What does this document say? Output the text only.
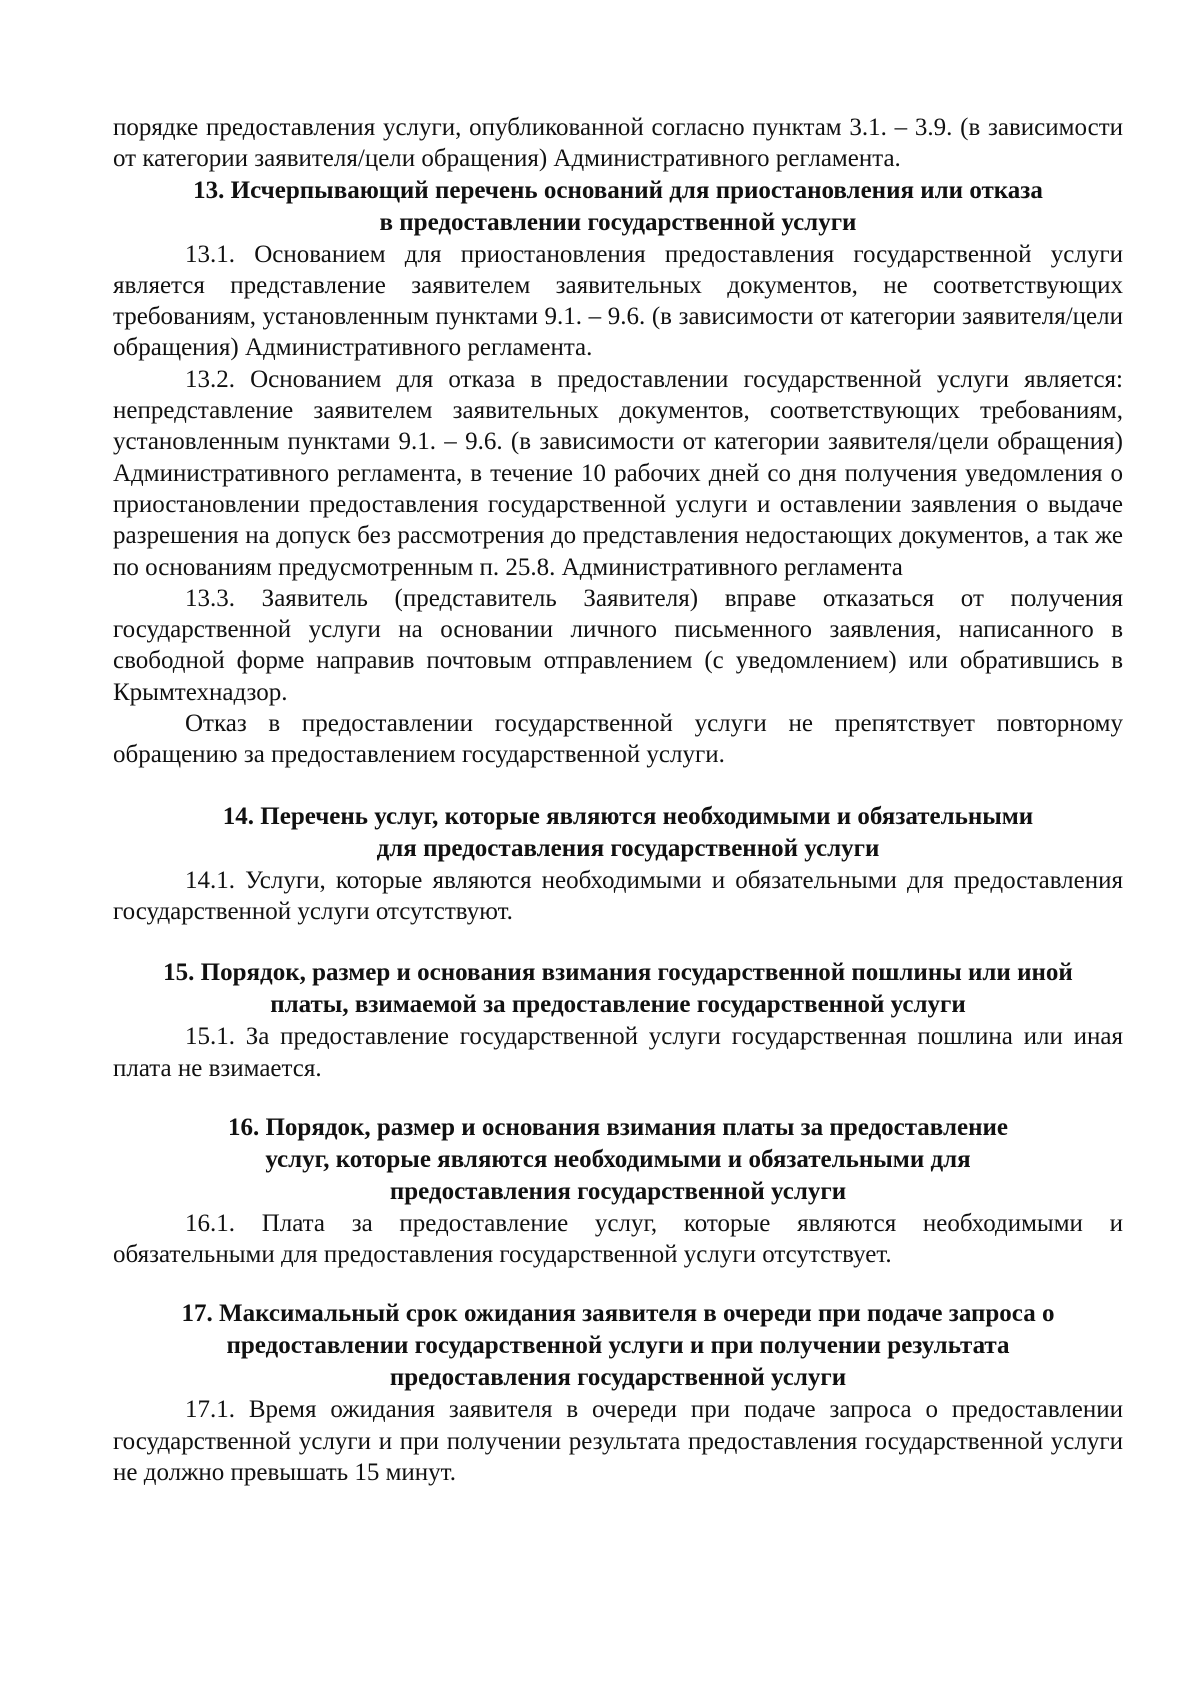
порядке предоставления услуги, опубликованной согласно пунктам 3.1. – 3.9. (в зависимости от категории заявителя/цели обращения) Административного регламента.

13. Исчерпывающий перечень оснований для приостановления или отказа в предоставлении государственной услуги

13.1. Основанием для приостановления предоставления государственной услуги является представление заявителем заявительных документов, не соответствующих требованиям, установленным пунктами 9.1. – 9.6. (в зависимости от категории заявителя/цели обращения) Административного регламента.

13.2. Основанием для отказа в предоставлении государственной услуги является: непредставление заявителем заявительных документов, соответствующих требованиям, установленным пунктами 9.1. – 9.6. (в зависимости от категории заявителя/цели обращения) Административного регламента, в течение 10 рабочих дней со дня получения уведомления о приостановлении предоставления государственной услуги и оставлении заявления о выдаче разрешения на допуск без рассмотрения до представления недостающих документов, а так же по основаниям предусмотренным п. 25.8. Административного регламента

13.3. Заявитель (представитель Заявителя) вправе отказаться от получения государственной услуги на основании личного письменного заявления, написанного в свободной форме направив почтовым отправлением (с уведомлением) или обратившись в Крымтехнадзор.

Отказ в предоставлении государственной услуги не препятствует повторному обращению за предоставлением государственной услуги.

14. Перечень услуг, которые являются необходимыми и обязательными для предоставления государственной услуги

14.1. Услуги, которые являются необходимыми и обязательными для предоставления государственной услуги отсутствуют.

15. Порядок, размер и основания взимания государственной пошлины или иной платы, взимаемой за предоставление государственной услуги

15.1. За предоставление государственной услуги государственная пошлина или иная плата не взимается.

16. Порядок, размер и основания взимания платы за предоставление услуг, которые являются необходимыми и обязательными для предоставления государственной услуги

16.1. Плата за предоставление услуг, которые являются необходимыми и обязательными для предоставления государственной услуги отсутствует.

17. Максимальный срок ожидания заявителя в очереди при подаче запроса о предоставлении государственной услуги и при получении результата предоставления государственной услуги

17.1. Время ожидания заявителя в очереди при подаче запроса о предоставлении государственной услуги и при получении результата предоставления государственной услуги не должно превышать 15 минут.
